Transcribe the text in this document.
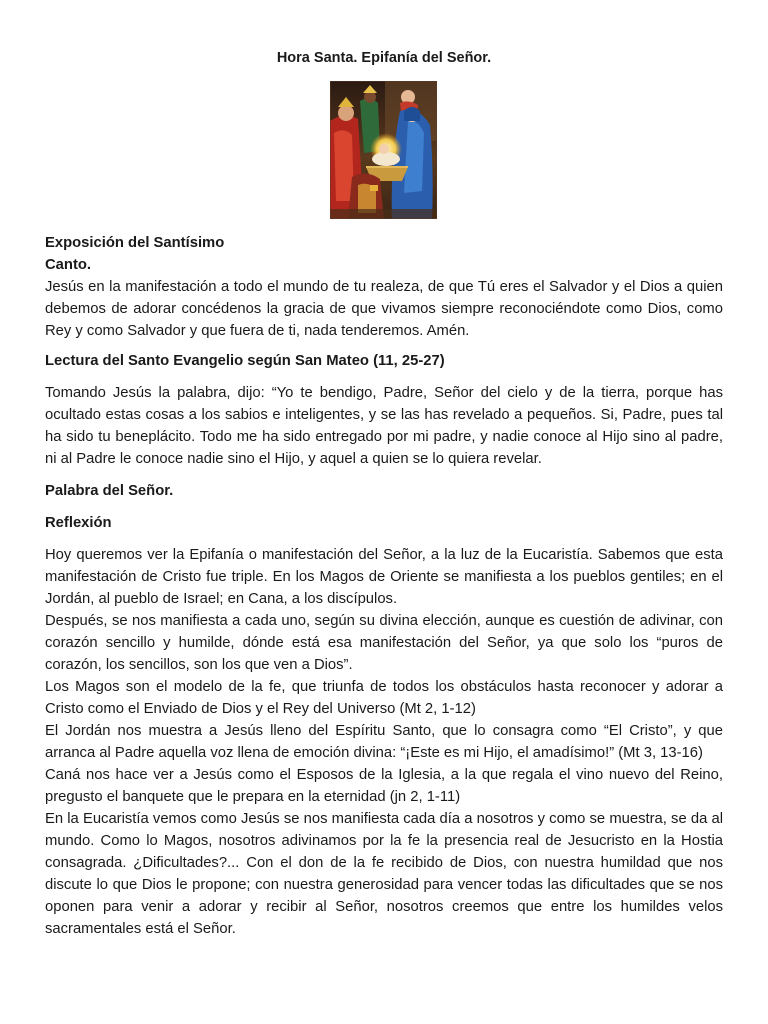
Hora Santa. Epifanía del Señor.

Exposición del Santísimo

Canto.

Jesús en la manifestación a todo el mundo de tu realeza, de que Tú eres el Salvador y el Dios a quien debemos de adorar concédenos la gracia de que vivamos siempre reconociéndote como Dios, como Rey y como Salvador y que fuera de ti, nada tenderemos. Amén.

Lectura del Santo Evangelio según San Mateo (11, 25-27)

Tomando Jesús la palabra, dijo: “Yo te bendigo, Padre, Señor del cielo y de la tierra, porque has ocultado estas cosas a los sabios e inteligentes, y se las has revelado a pequeños. Si, Padre, pues tal ha sido tu beneplácito. Todo me ha sido entregado por mi padre, y nadie conoce al Hijo sino al padre, ni al Padre le conoce nadie sino el Hijo, y aquel a quien se lo quiera revelar.

Palabra del Señor.

Reflexión

Hoy queremos ver la Epifanía o manifestación del Señor, a la luz de la Eucaristía. Sabemos que esta manifestación de Cristo fue triple. En los Magos de Oriente se manifiesta a los pueblos gentiles; en el Jordán, al pueblo de Israel; en Cana, a los discípulos.

Después, se nos manifiesta a cada uno, según su divina elección, aunque es cuestión de adivinar, con corazón sencillo y humilde, dónde está esa manifestación del Señor, ya que solo los “puros de corazón, los sencillos, son los que ven a Dios”.

Los Magos son el modelo de la fe, que triunfa de todos los obstáculos hasta reconocer y adorar a Cristo como el Enviado de Dios y el Rey del Universo (Mt 2, 1-12)

El Jordán nos muestra a Jesús lleno del Espíritu Santo, que lo consagra como “El Cristo”, y que arranca al Padre aquella voz llena de emoción divina: “¡Este es mi Hijo, el amadísimo!” (Mt 3, 13-16)

Caná nos hace ver a Jesús como el Esposos de la Iglesia, a la que regala el vino nuevo del Reino, pregusto el banquete que le prepara en la eternidad (jn 2, 1-11)

En la Eucaristía vemos como Jesús se nos manifiesta cada día a nosotros y como se muestra, se da al mundo. Como lo Magos, nosotros adivinamos por la fe la presencia real de Jesucristo en la Hostia consagrada. ¿Dificultades?... Con el don de la fe recibido de Dios, con nuestra humildad que nos discute lo que Dios le propone; con nuestra generosidad para vencer todas las dificultades que se nos oponen para venir a adorar y recibir al Señor, nosotros creemos que entre los humildes velos sacramentales está el Señor.
